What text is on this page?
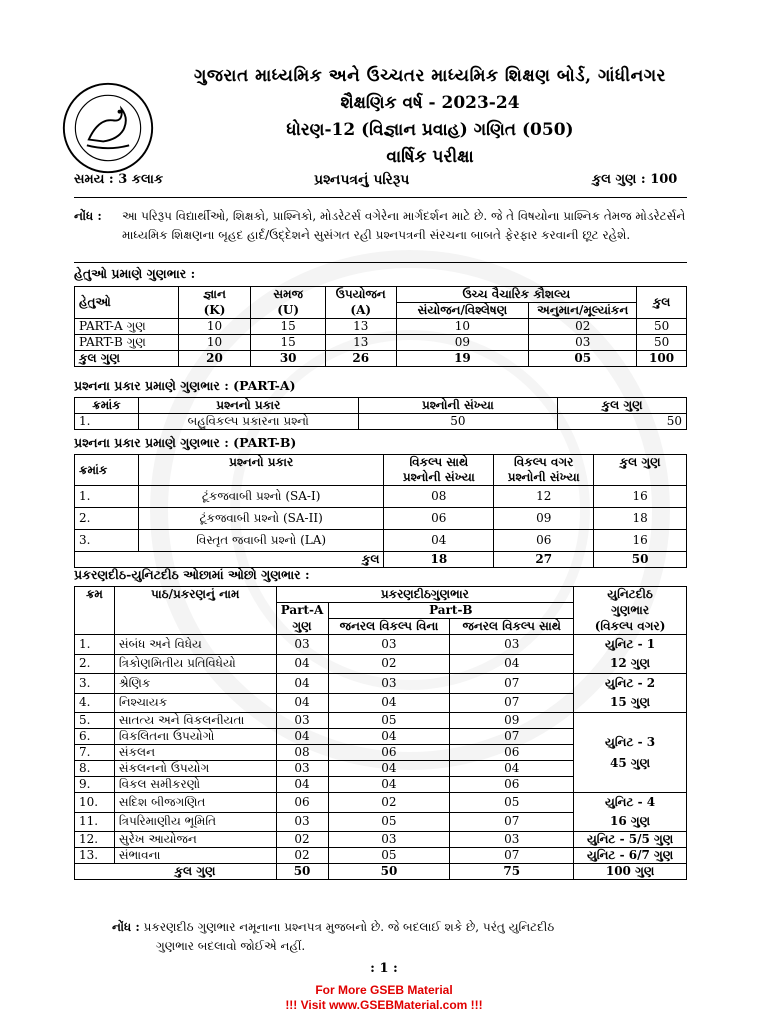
ગુજરાત માધ્યમિક અને ઉચ્ચતર માધ્યમિક શિક્ષણ બોર્ડ, ગાંધીનગર
શૈક્ષણિક વર્ષ - 2023-24
ધોરણ-12 (વિજ્ઞાન પ્રવાહ) ગણિત (050)
વાર્ષિક પરીક્ષા
સમય : 3 કલાક	પ્રશ્નપત્રનું પરિરૂપ	કુલ ગુણ : 100
નોંધ : આ પરિરૂપ વિદ્યાર્થીઓ, શિક્ષકો, પ્રાશ્નિકો, મોડરેટર્સ વગેરેના માર્ગદર્શન માટે છે. જે તે વિષયોના પ્રાશ્નિક તેમજ મોડરેટર્સને માધ્યમિક શિક્ષણના બૃહદ હાર્દ/ઉદ્દેશને સુસંગત રહી પ્રશ્નપત્રની સંરચના બાબતે ફેરફાર કરવાની છૂટ રહેશે.
હેતુઓ પ્રમાણે ગુણભાર :
હેતુઓ	જ્ઞાન	સમજ	ઉપયોજન	ઉચ્ચ વૈચારિક કૌશલ્ય		કુલ
	(K)	(U)	(A)	સંયોજન/વિશ્લેષણ	અનુમાન/મૂલ્યાંકન	
PART-A ગુણ	10	15	13	10	02	50
PART-B ગુણ	10	15	13	09	03	50
કુલ ગુણ	20	30	26	19	05	100
પ્રશ્નના પ્રકાર પ્રમાણે ગુણભાર : (PART-A)
ક્રમાંક	પ્રશ્નનો પ્રકાર	પ્રશ્નોની સંખ્યા	કુલ ગુણ
1.	બહુવિકલ્પ પ્રકારના પ્રશ્નો	50	50
પ્રશ્નના પ્રકાર પ્રમાણે ગુણભાર : (PART-B)
ક્રમાંક	પ્રશ્નનો પ્રકાર	વિકલ્પ સાથે	વિકલ્પ વગર	કુલ ગુણ
		પ્રશ્નોની સંખ્યા	પ્રશ્નોની સંખ્યા	
1.	ટૂંકજવાબી પ્રશ્નો (SA-I)	08	12	16
2.	ટૂંકજવાબી પ્રશ્નો (SA-II)	06	09	18
3.	વિસ્તૃત જવાબી પ્રશ્નો (LA)	04	06	16
	કુલ	18	27	50
પ્રકરણદીઠ-યુનિટદીઠ ઓછામાં ઓછો ગુણભાર :
ક્રમ	પાઠ/પ્રકરણનું નામ	પ્રકરણદીઠગુણભાર			યુનિટદીઠ
		Part-A	Part-B		ગુણભાર
		ગુણ	જનરલ વિકલ્પ વિના	જનરલ વિકલ્પ સાથે	(વિકલ્પ વગર)
1.	સંબંધ અને વિધેય	03	03	03	યુનિટ - 1
12 ગુણ

2.	ત્રિકોણમિતીય પ્રતિવિધેયો	04	02	04	
3.	શ્રેણિક	04	03	07	યુનિટ - 2
15 ગુણ

4.	નિશ્ચાયક	04	04	07	
5.	સાતત્ય અને વિકલનીયતા	03	05	09	યુનિટ - 3
45 ગુણ

6.	વિકલિતના ઉપયોગો	04	04	07	
7.	સંકલન	08	06	06	
8.	સંકલનનો ઉપયોગ	03	04	04	
9.	વિકલ સમીકરણો	04	04	06	
10.	સદિશ બીજગણિત	06	02	05	યુનિટ - 4
16 ગુણ

11.	ત્રિપરિમાણીય ભૂમિતિ	03	05	07	
12.	સુરેખ આયોજન	02	03	03	યુનિટ - 5/5 ગુણ
13.	સંભાવના	02	05	07	યુનિટ - 6/7 ગુણ
	કુલ ગુણ	50	50	75	100 ગુણ
નોંધ : પ્રકરણદીઠ ગુણભાર નમૂનાના પ્રશ્નપત્ર મુજબનો છે. જે બદલાઈ શકે છે, પરંતુ યુનિટદીઠ
ગુણભાર બદલાવો જોઈએ નહીં.
: 1 :
For More GSEB Material
!!! Visit www.GSEBMaterial.com !!!
